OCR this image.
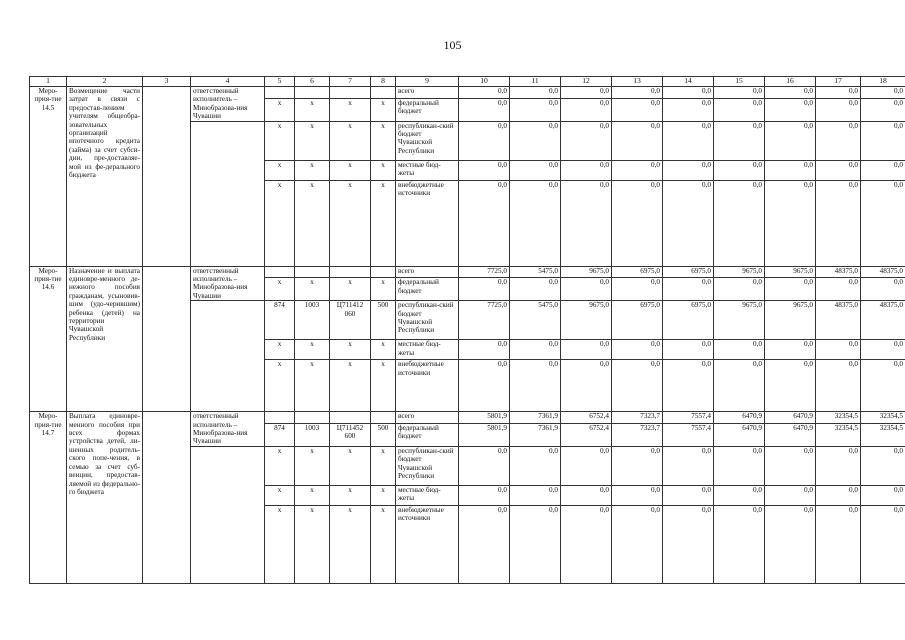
105
1	2	3	4	5	6	7	8	9	10	11	12	13	14	15	16	17	18
Меро-прия-тие 14.5	Возмещение части затрат в связи с предостав-лением учителям общеобра-зовательных организаций ипотечного кредита (займа) за счет субси-дии, пре-доставляе-мой из фе-дерального бюджета		ответственный исполнитель – Минобразова-ния Чувашии					всего	0,0	0,0	0,0	0,0	0,0	0,0	0,0	0,0	0,0
				x	x	x	x	федеральный бюджет	0,0	0,0	0,0	0,0	0,0	0,0	0,0	0,0	0,0
				x	x	x	x	республикан-ский бюджет Чувашской Республики	0,0	0,0	0,0	0,0	0,0	0,0	0,0	0,0	0,0
				x	x	x	x	местные бюд-жеты	0,0	0,0	0,0	0,0	0,0	0,0	0,0	0,0	0,0
				x	x	x	x	внебюджетные источники	0,0	0,0	0,0	0,0	0,0	0,0	0,0	0,0	0,0
Меро-прия-тие 14.6	Назначение и выплата единовре-менного де-нежного пособия гражданам, усыновив-шим (удо-черившим) ребенка (детей) на территории Чувашской Республики		ответственный исполнитель – Минобразова-ния Чувашии					всего	7725,0	5475,0	9675,0	6975,0	6975,0	9675,0	9675,0	48375,0	48375,0
				x	x	x	x	федеральный бюджет	0,0	0,0	0,0	0,0	0,0	0,0	0,0	0,0	0,0
				874	1003	Ц711412 060	500	республикан-ский бюджет Чувашской Республики	7725,0	5475,0	9675,0	6975,0	6975,0	9675,0	9675,0	48375,0	48375,0
				x	x	x	x	местные бюд-жеты	0,0	0,0	0,0	0,0	0,0	0,0	0,0	0,0	0,0
				x	x	x	x	внебюджетные источники	0,0	0,0	0,0	0,0	0,0	0,0	0,0	0,0	0,0
Меро-прия-тие 14.7	Выплата единовре-менного пособия при всех формах устройства детей, ли-шенных родитель-ского попе-чения, в семью за счет суб-венции, предостав-ляемой из федерально-го бюджета		ответственный исполнитель – Минобразова-ния Чувашии					всего	5801,9	7361,9	6752,4	7323,7	7557,4	6470,9	6470,9	32354,5	32354,5
				874	1003	Ц711452 600	500	федеральный бюджет	5801,9	7361,9	6752,4	7323,7	7557,4	6470,9	6470,9	32354,5	32354,5
				x	x	x	x	республикан-ский бюджет Чувашской Республики	0,0	0,0	0,0	0,0	0,0	0,0	0,0	0,0	0,0
				x	x	x	x	местные бюд-жеты	0,0	0,0	0,0	0,0	0,0	0,0	0,0	0,0	0,0
				x	x	x	x	внебюджетные источники	0,0	0,0	0,0	0,0	0,0	0,0	0,0	0,0	0,0
